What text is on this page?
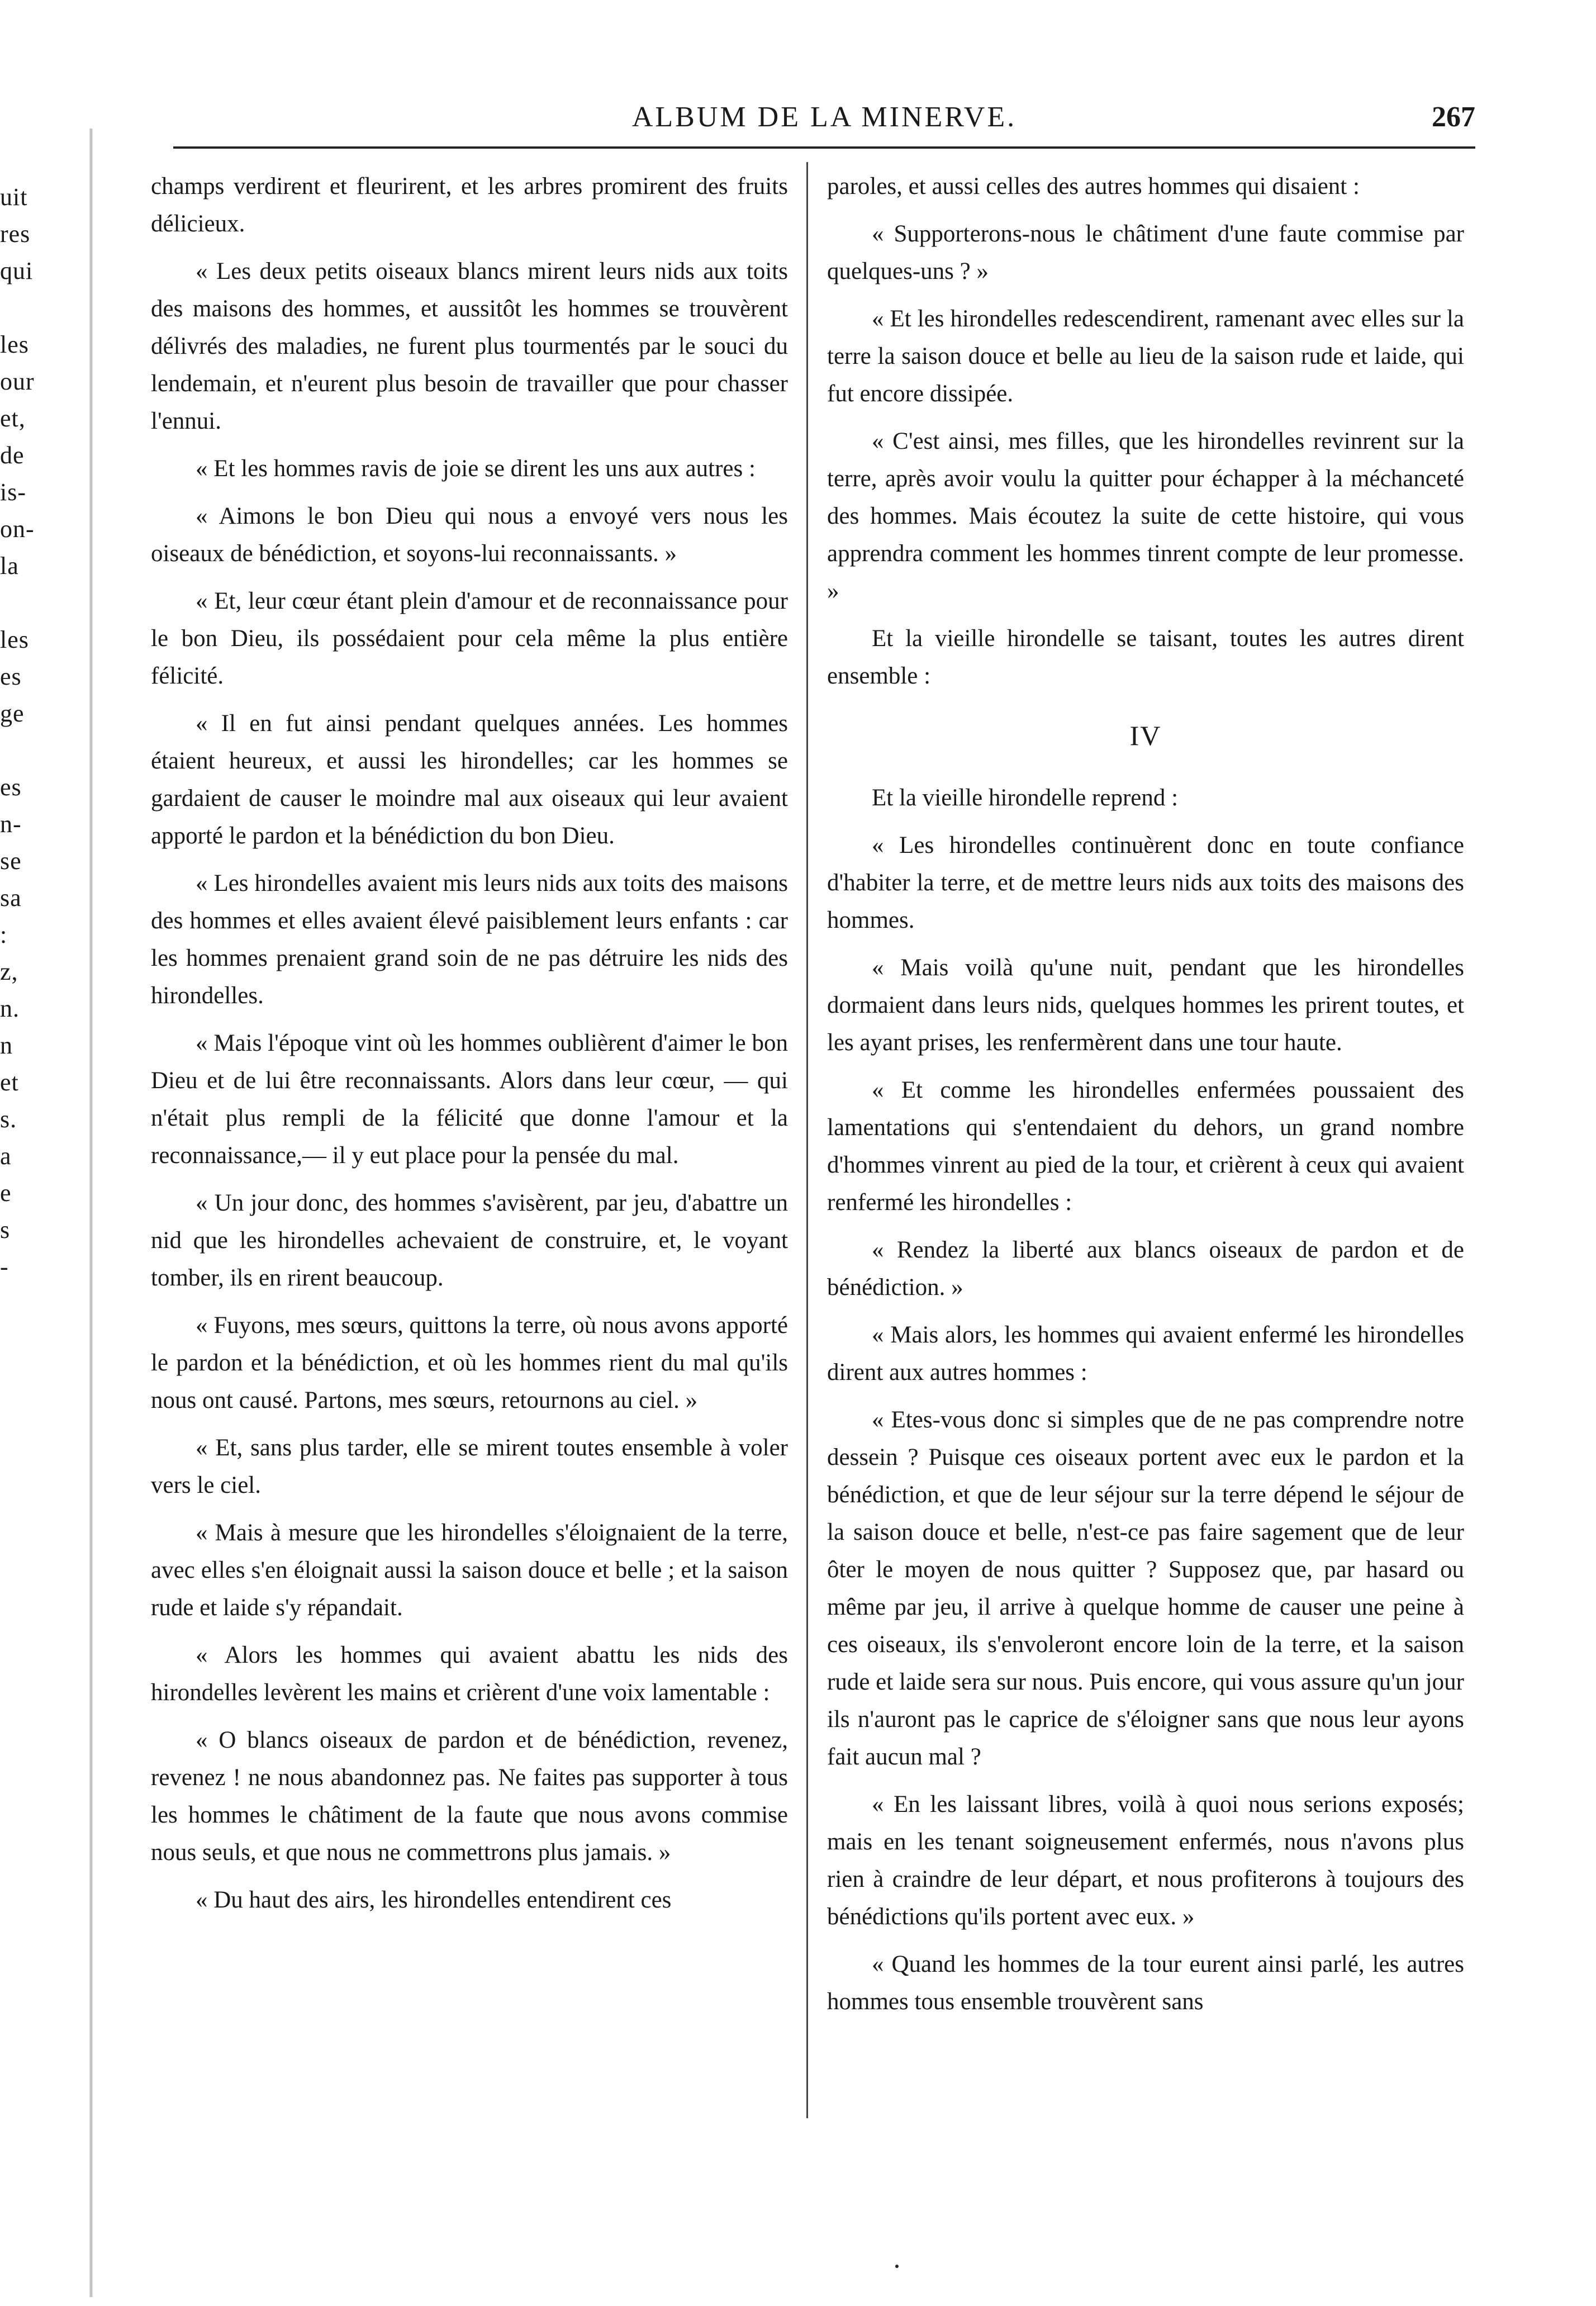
uit
res
qui
les
our
et,
de
is-
on-
la
les
es
ge
es
n-
se
sa
:
z,
n.
n
et
s.
a
e
s
-
ALBUM DE LA MINERVE.	267

champs verdirent et fleurirent, et les arbres promirent des fruits délicieux.

« Les deux petits oiseaux blancs mirent leurs nids aux toits des maisons des hommes, et aussitôt les hommes se trouvèrent délivrés des maladies, ne furent plus tourmentés par le souci du lendemain, et n'eurent plus besoin de travailler que pour chasser l'ennui.

« Et les hommes ravis de joie se dirent les uns aux autres :

« Aimons le bon Dieu qui nous a envoyé vers nous les oiseaux de bénédiction, et soyons-lui reconnaissants. »

« Et, leur cœur étant plein d'amour et de reconnaissance pour le bon Dieu, ils possédaient pour cela même la plus entière félicité.

« Il en fut ainsi pendant quelques années. Les hommes étaient heureux, et aussi les hirondelles; car les hommes se gardaient de causer le moindre mal aux oiseaux qui leur avaient apporté le pardon et la bénédiction du bon Dieu.

« Les hirondelles avaient mis leurs nids aux toits des maisons des hommes et elles avaient élevé paisiblement leurs enfants : car les hommes prenaient grand soin de ne pas détruire les nids des hirondelles.

« Mais l'époque vint où les hommes oublièrent d'aimer le bon Dieu et de lui être reconnaissants. Alors dans leur cœur, — qui n'était plus rempli de la félicité que donne l'amour et la reconnaissance,— il y eut place pour la pensée du mal.

« Un jour donc, des hommes s'avisèrent, par jeu, d'abattre un nid que les hirondelles achevaient de construire, et, le voyant tomber, ils en rirent beaucoup.

« Fuyons, mes sœurs, quittons la terre, où nous avons apporté le pardon et la bénédiction, et où les hommes rient du mal qu'ils nous ont causé. Partons, mes sœurs, retournons au ciel. »

« Et, sans plus tarder, elle se mirent toutes ensemble à voler vers le ciel.

« Mais à mesure que les hirondelles s'éloignaient de la terre, avec elles s'en éloignait aussi la saison douce et belle ; et la saison rude et laide s'y répandait.

« Alors les hommes qui avaient abattu les nids des hirondelles levèrent les mains et crièrent d'une voix lamentable :

« O blancs oiseaux de pardon et de bénédiction, revenez, revenez ! ne nous abandonnez pas. Ne faites pas supporter à tous les hommes le châtiment de la faute que nous avons commise nous seuls, et que nous ne commettrons plus jamais. »

« Du haut des airs, les hirondelles entendirent ces

paroles, et aussi celles des autres hommes qui disaient :

« Supporterons-nous le châtiment d'une faute commise par quelques-uns ? »

« Et les hirondelles redescendirent, ramenant avec elles sur la terre la saison douce et belle au lieu de la saison rude et laide, qui fut encore dissipée.

« C'est ainsi, mes filles, que les hirondelles revinrent sur la terre, après avoir voulu la quitter pour échapper à la méchanceté des hommes. Mais écoutez la suite de cette histoire, qui vous apprendra comment les hommes tinrent compte de leur promesse. »

Et la vieille hirondelle se taisant, toutes les autres dirent ensemble :

IV

Et la vieille hirondelle reprend :

« Les hirondelles continuèrent donc en toute confiance d'habiter la terre, et de mettre leurs nids aux toits des maisons des hommes.

« Mais voilà qu'une nuit, pendant que les hirondelles dormaient dans leurs nids, quelques hommes les prirent toutes, et les ayant prises, les renfermèrent dans une tour haute.

« Et comme les hirondelles enfermées poussaient des lamentations qui s'entendaient du dehors, un grand nombre d'hommes vinrent au pied de la tour, et crièrent à ceux qui avaient renfermé les hirondelles :

« Rendez la liberté aux blancs oiseaux de pardon et de bénédiction. »

« Mais alors, les hommes qui avaient enfermé les hirondelles dirent aux autres hommes :

« Etes-vous donc si simples que de ne pas comprendre notre dessein ? Puisque ces oiseaux portent avec eux le pardon et la bénédiction, et que de leur séjour sur la terre dépend le séjour de la saison douce et belle, n'est-ce pas faire sagement que de leur ôter le moyen de nous quitter ? Supposez que, par hasard ou même par jeu, il arrive à quelque homme de causer une peine à ces oiseaux, ils s'envoleront encore loin de la terre, et la saison rude et laide sera sur nous. Puis encore, qui vous assure qu'un jour ils n'auront pas le caprice de s'éloigner sans que nous leur ayons fait aucun mal ?

« En les laissant libres, voilà à quoi nous serions exposés; mais en les tenant soigneusement enfermés, nous n'avons plus rien à craindre de leur départ, et nous profiterons à toujours des bénédictions qu'ils portent avec eux. »

« Quand les hommes de la tour eurent ainsi parlé, les autres hommes tous ensemble trouvèrent sans
